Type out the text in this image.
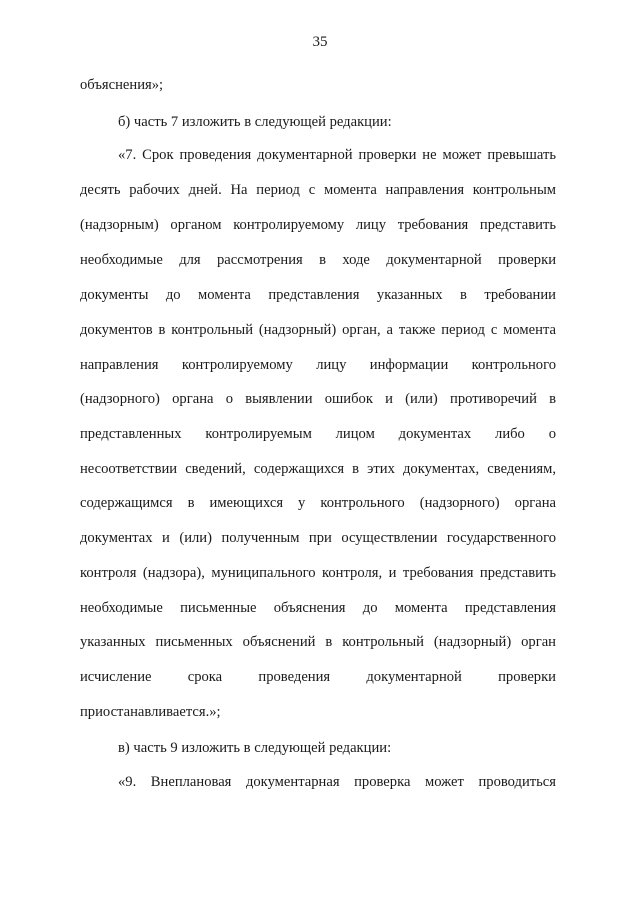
35
объяснения»;
б) часть 7 изложить в следующей редакции:
«7. Срок проведения документарной проверки не может превышать
десять рабочих дней. На период с момента направления контрольным
(надзорным) органом контролируемому лицу требования представить
необходимые для рассмотрения в ходе документарной проверки
документы до момента представления указанных в требовании
документов в контрольный (надзорный) орган, а также период с момента
направления контролируемому лицу информации контрольного
(надзорного) органа о выявлении ошибок и (или) противоречий в
представленных контролируемым лицом документах либо о
несоответствии сведений, содержащихся в этих документах, сведениям,
содержащимся в имеющихся у контрольного (надзорного) органа
документах и (или) полученным при осуществлении государственного
контроля (надзора), муниципального контроля, и требования представить
необходимые письменные объяснения до момента представления
указанных письменных объяснений в контрольный (надзорный) орган
исчисление срока проведения документарной проверки
приостанавливается.»;
в) часть 9 изложить в следующей редакции:
«9. Внеплановая документарная проверка может проводиться
